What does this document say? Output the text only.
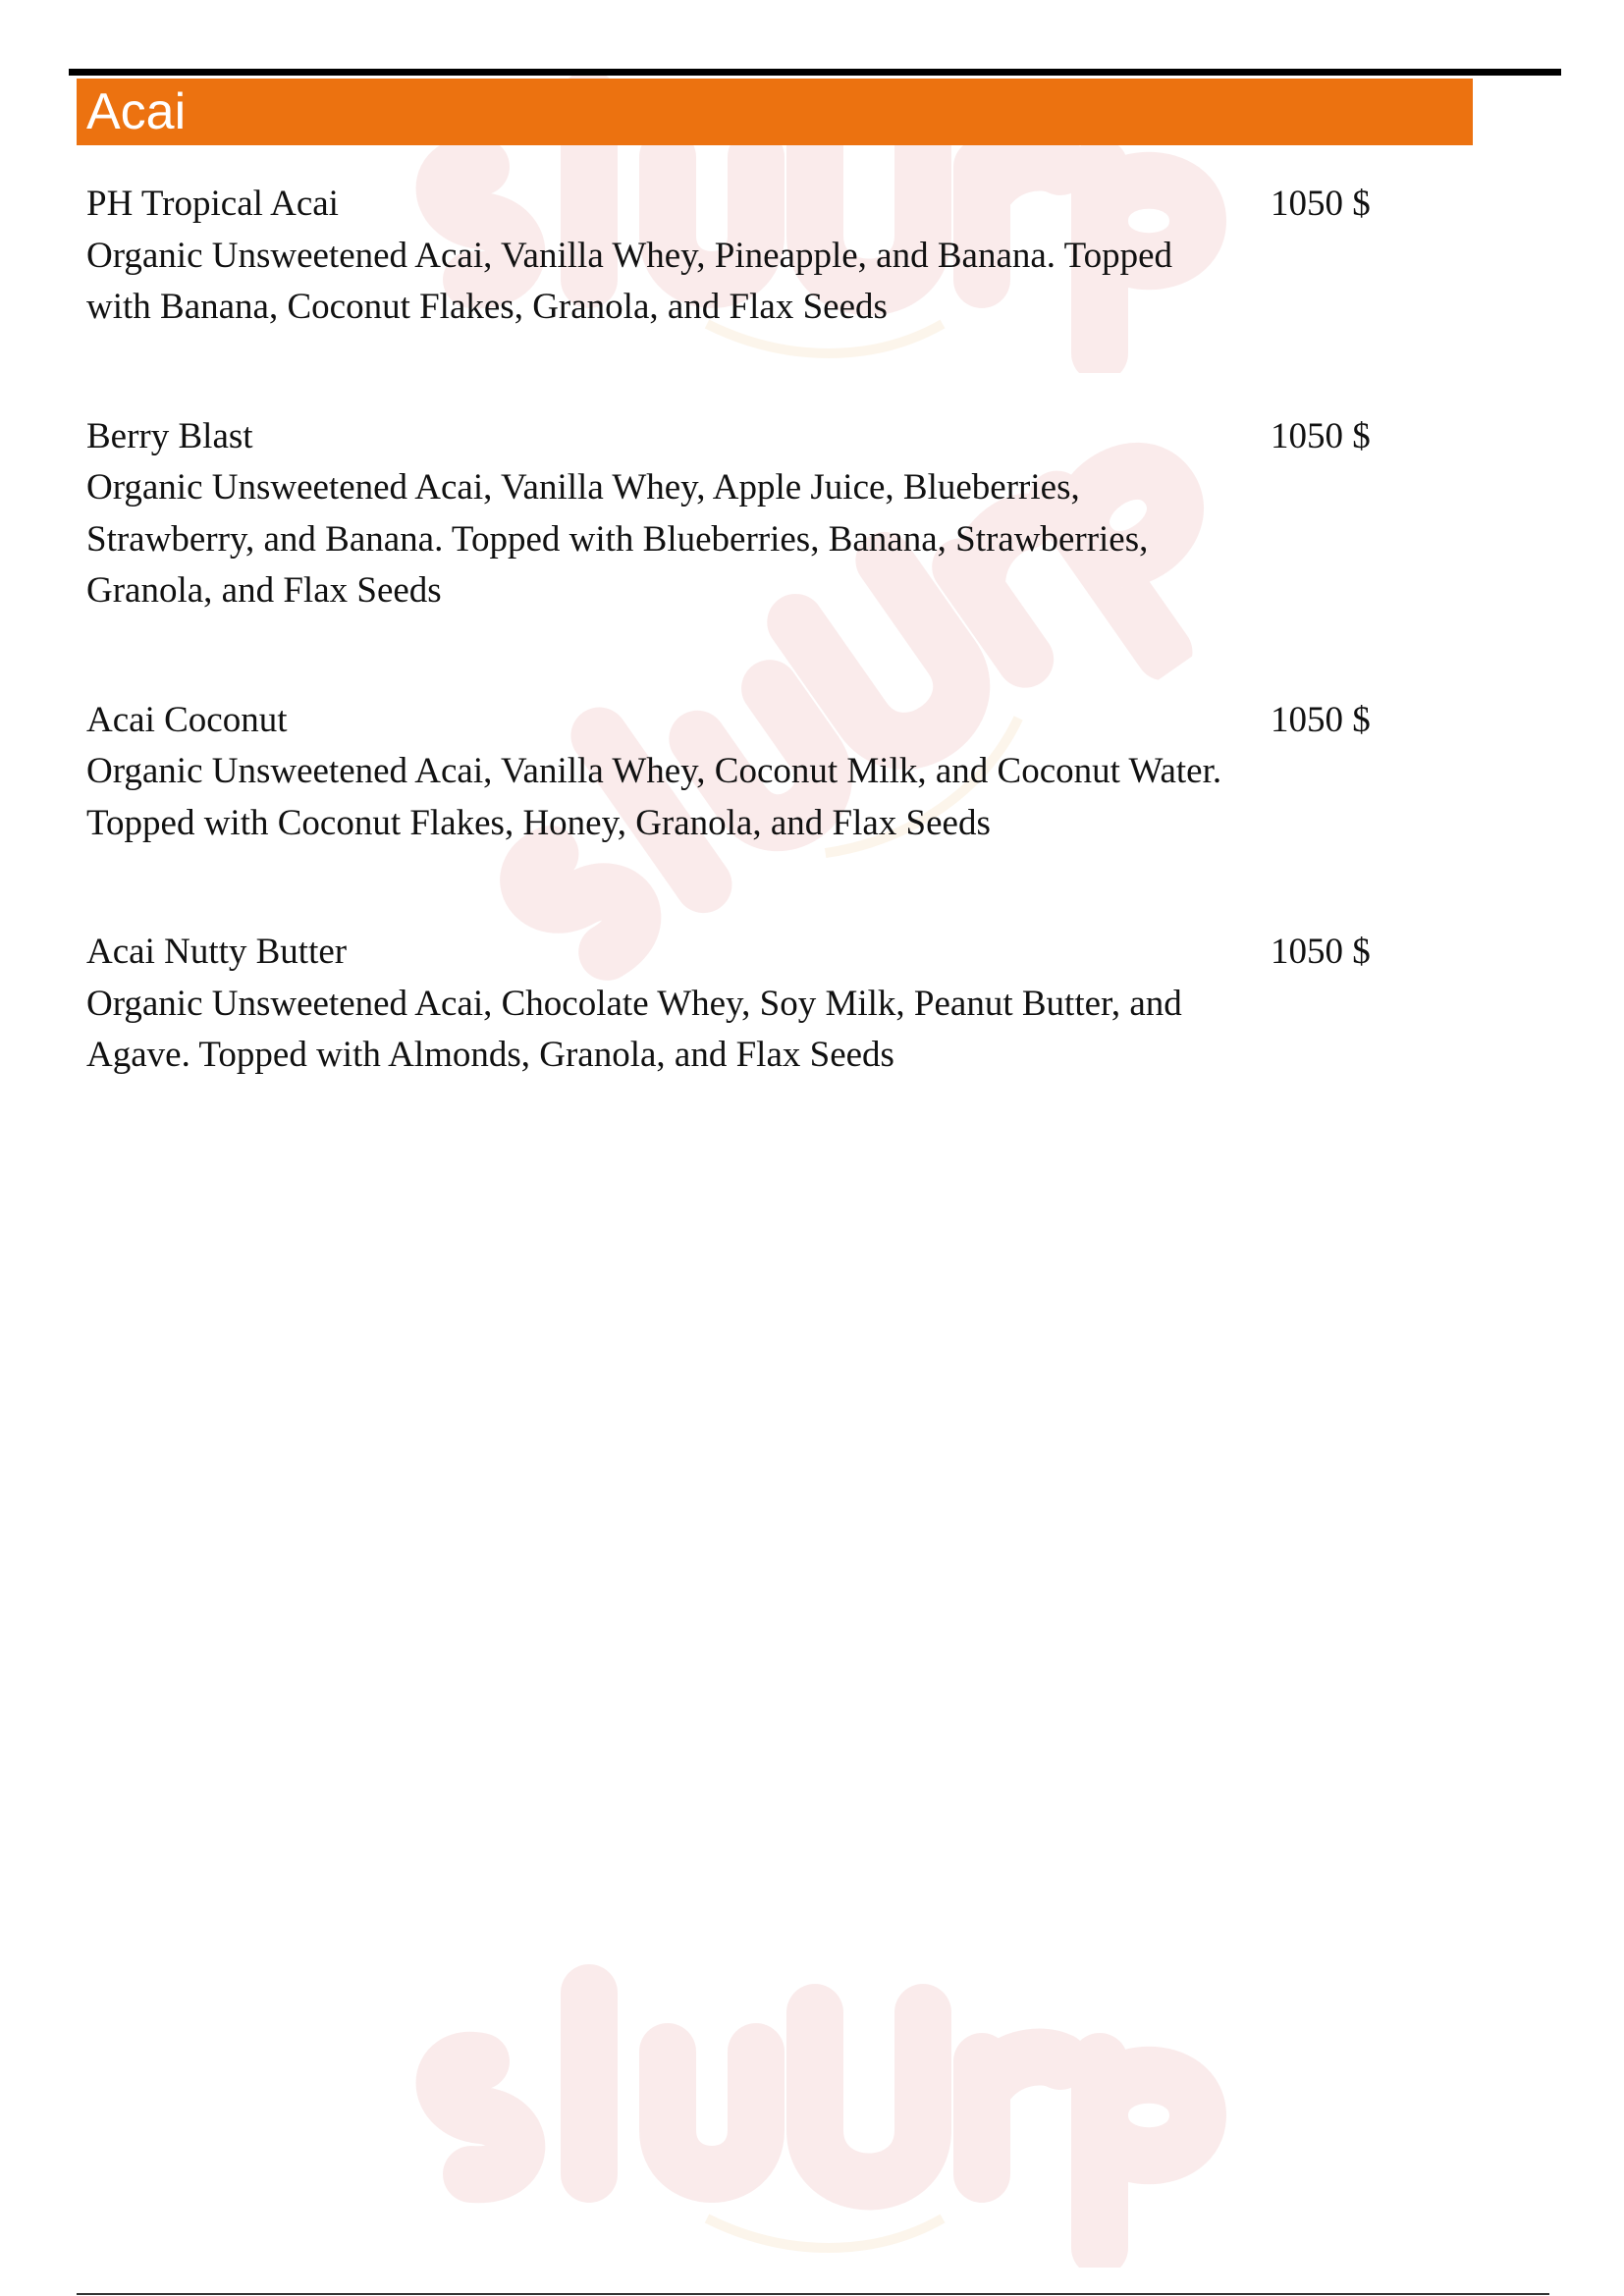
Acai
PH Tropical Acai
Organic Unsweetened Acai, Vanilla Whey, Pineapple, and Banana. Topped with Banana, Coconut Flakes, Granola, and Flax Seeds
1050 $
Berry Blast
Organic Unsweetened Acai, Vanilla Whey, Apple Juice, Blueberries, Strawberry, and Banana. Topped with Blueberries, Banana, Strawberries, Granola, and Flax Seeds
1050 $
Acai Coconut
Organic Unsweetened Acai, Vanilla Whey, Coconut Milk, and Coconut Water. Topped with Coconut Flakes, Honey, Granola, and Flax Seeds
1050 $
Acai Nutty Butter
Organic Unsweetened Acai, Chocolate Whey, Soy Milk, Peanut Butter, and Agave. Topped with Almonds, Granola, and Flax Seeds
1050 $
